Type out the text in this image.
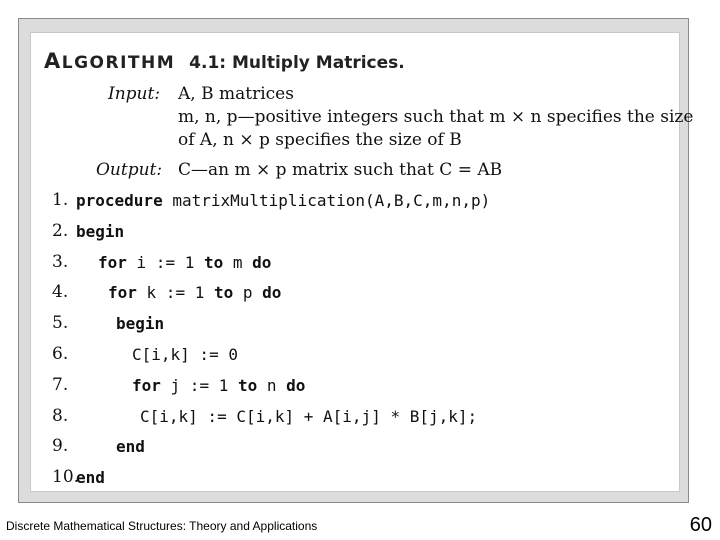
ALGORITHM 4.1: Multiply Matrices.
Input: A, B matrices
m, n, p—positive integers such that m × n specifies the size
of A, n × p specifies the size of B
Output: C—an m × p matrix such that C = AB
1. procedure matrixMultiplication(A,B,C,m,n,p)
2. begin
3. for i := 1 to m do
4. for k := 1 to p do
5.	begin
6.	C[i,k] := 0
7.	for j := 1 to n do
8.	C[i,k] := C[i,k] + A[i,j] * B[j,k];
9.	end
10.
end
Discrete Mathematical Structures: Theory and Applications	60
